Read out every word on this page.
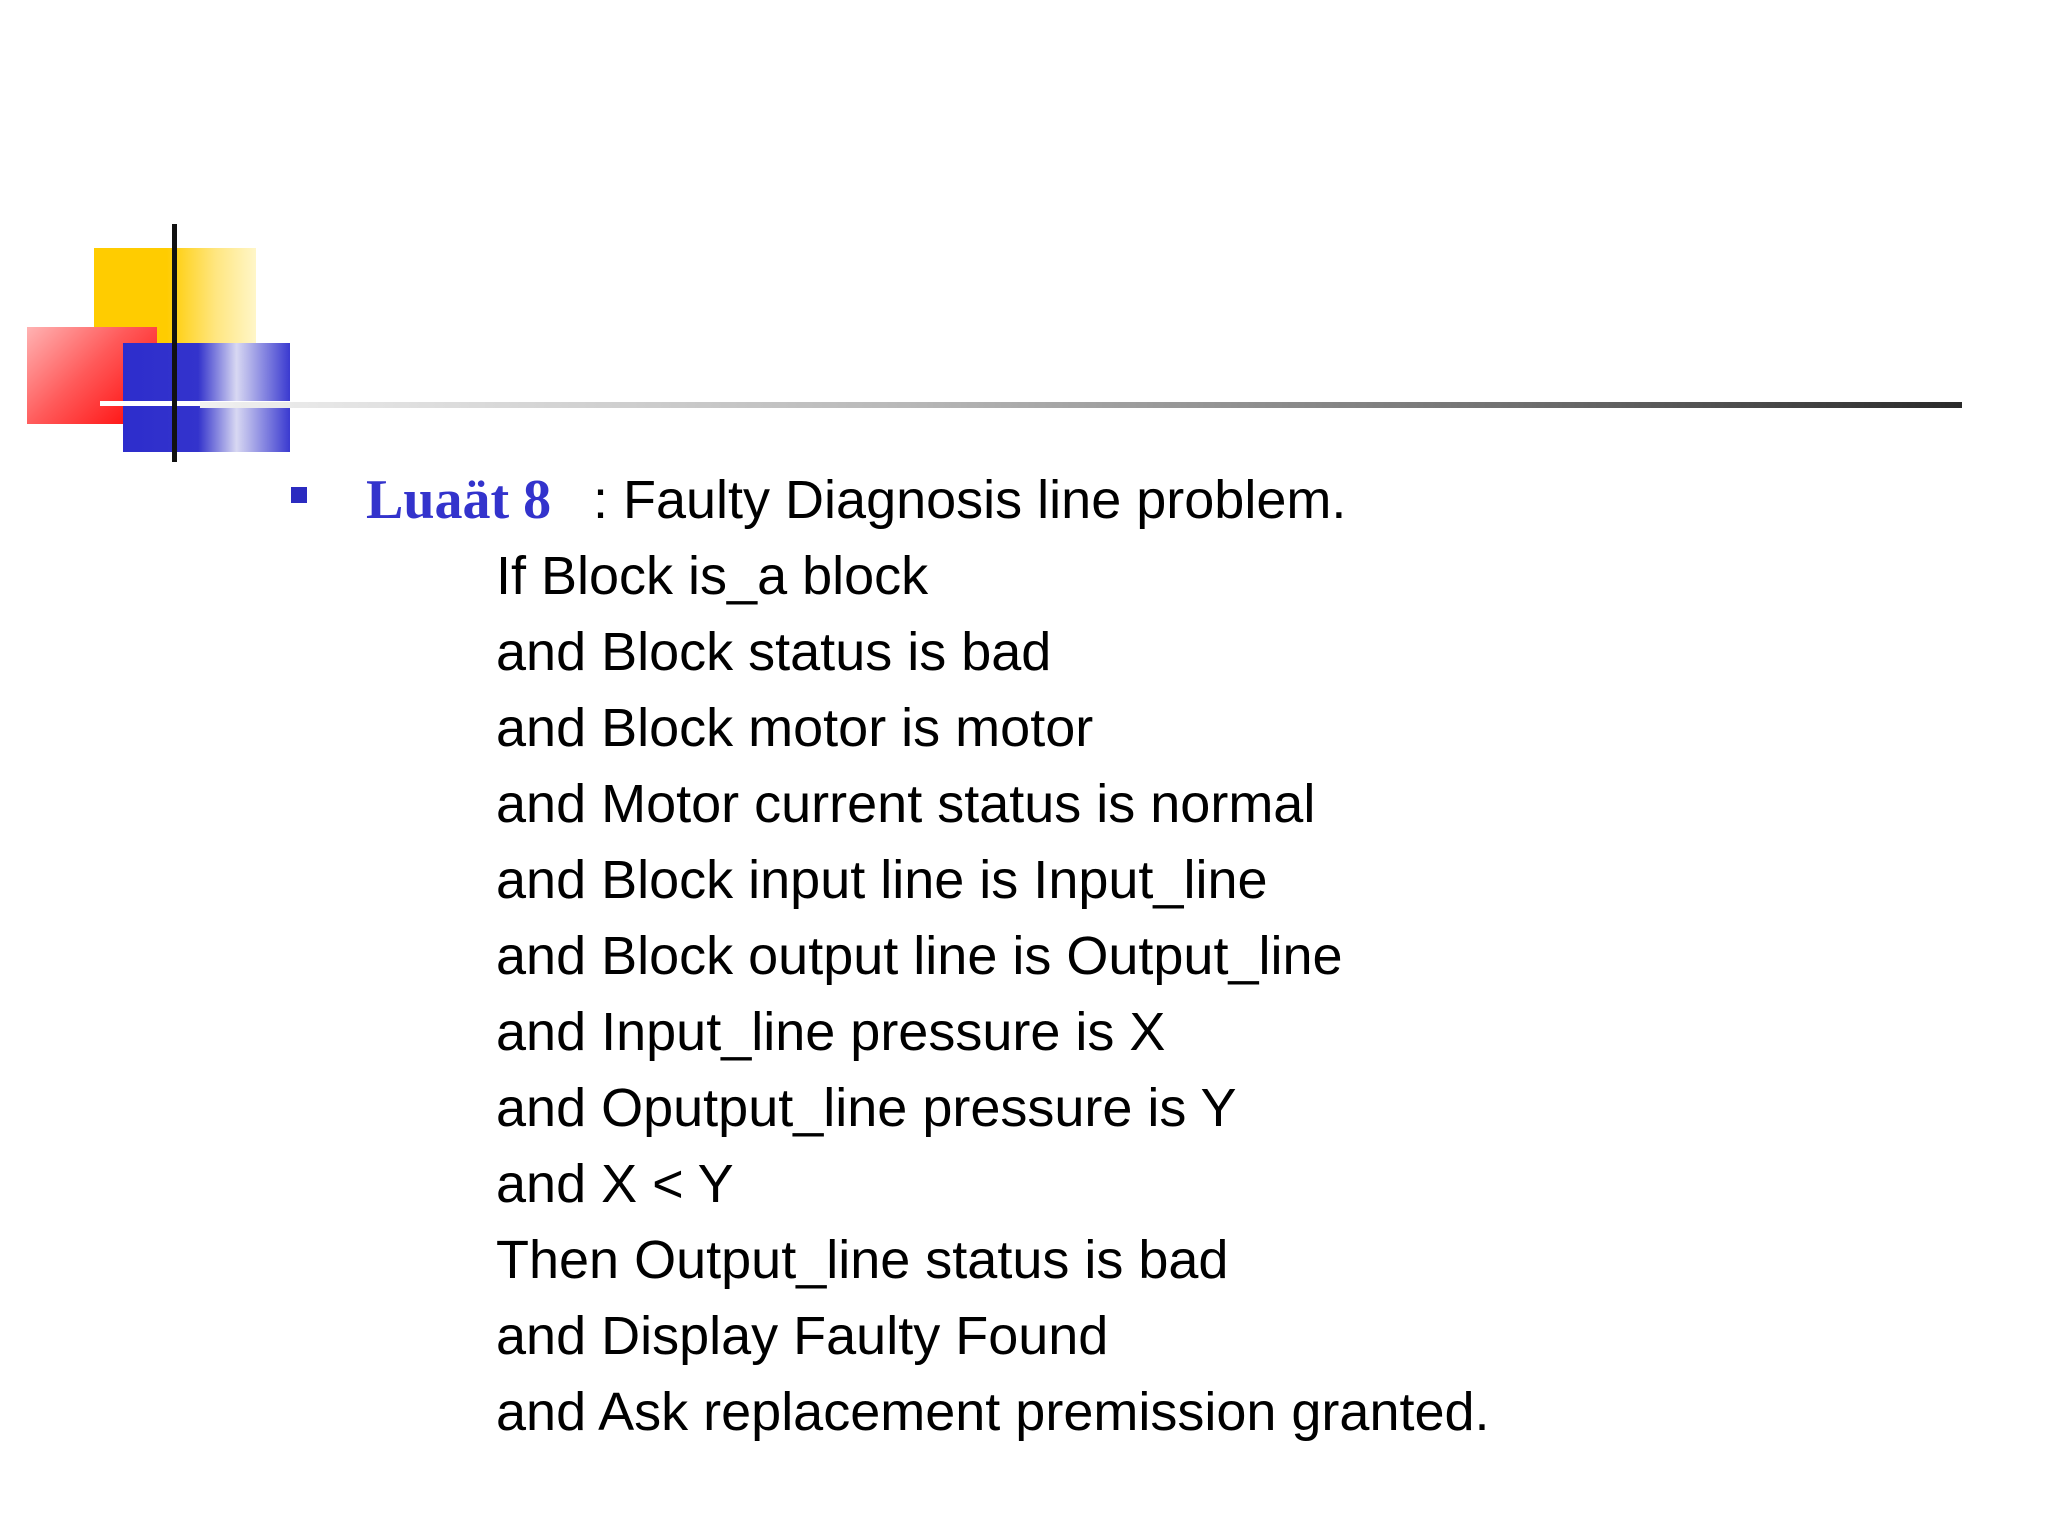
Luaät 8 : Faulty Diagnosis line problem.
If Block is_a block
and Block status is bad
and Block motor is motor
and Motor current status is normal
and Block input line is Input_line
and Block output line is Output_line
and Input_line pressure is X
and Oputput_line pressure is Y
and X < Y
Then Output_line status is bad
and Display Faulty Found
and Ask replacement premission granted.
